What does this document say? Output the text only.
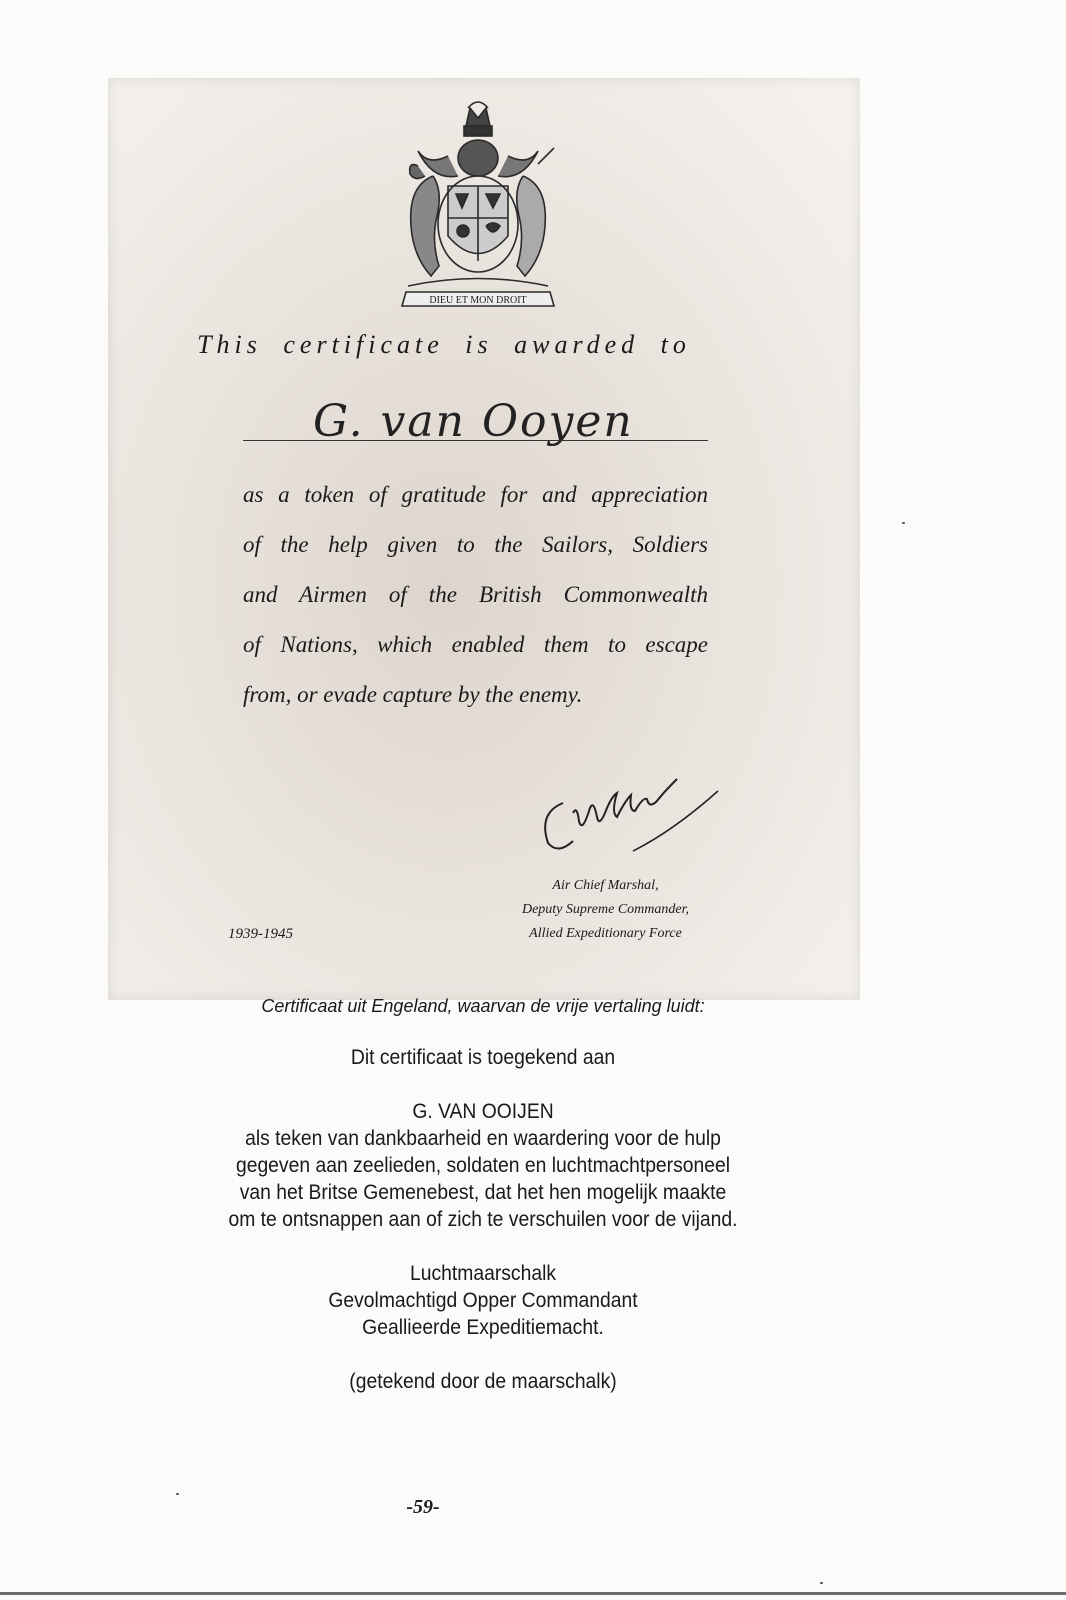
DIEU ET MON DROIT
This certificate is awarded to
G. van Ooyen
as a token of gratitude for and appreciation
of the help given to the Sailors, Soldiers
and Airmen of the British Commonwealth
of Nations, which enabled them to escape
from, or evade capture by the enemy.
Air Chief Marshal,
Deputy Supreme Commander,
Allied Expeditionary Force
1939-1945
Certificaat uit Engeland, waarvan de vrije vertaling luidt:
Dit certificaat is toegekend aan
G. VAN OOIJEN
als teken van dankbaarheid en waardering voor de hulp
gegeven aan zeelieden, soldaten en luchtmachtpersoneel
van het Britse Gemenebest, dat het hen mogelijk maakte
om te ontsnappen aan of zich te verschuilen voor de vijand.
Luchtmaarschalk
Gevolmachtigd Opper Commandant
Geallieerde Expeditiemacht.
(getekend door de maarschalk)
-59-
